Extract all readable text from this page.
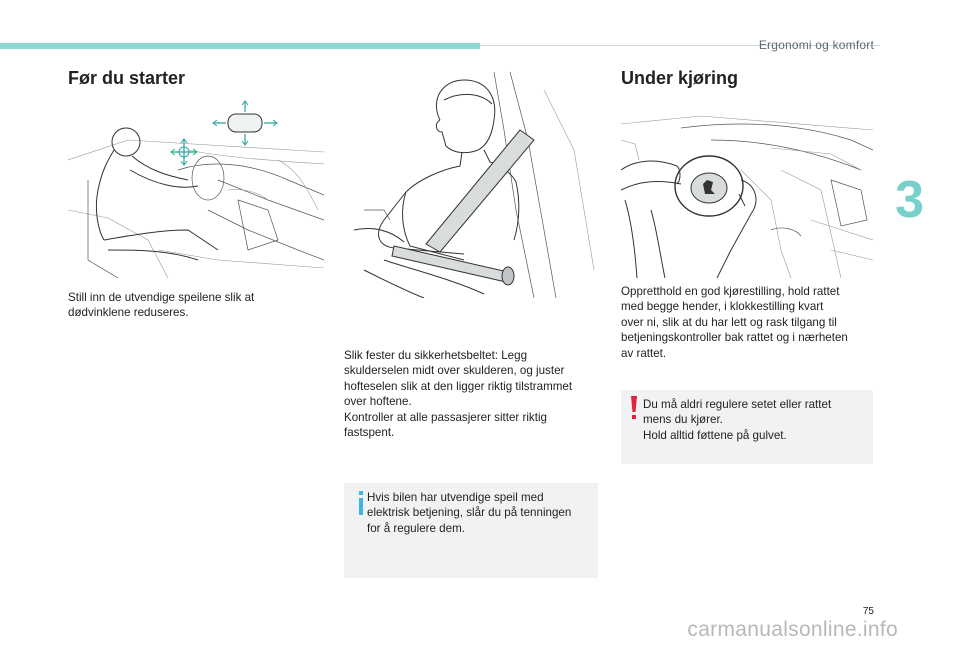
Ergonomi og komfort
3
Før du starter
Still inn de utvendige speilene slik at dødvinklene reduseres.
Slik fester du sikkerhetsbeltet: Legg
skulderselen midt over skulderen, og juster
hofteselen slik at den ligger riktig tilstrammet
over hoftene.
Kontroller at alle passasjerer sitter riktig
fastspent.
Hvis bilen har utvendige speil med
elektrisk betjening, slår du på tenningen
for å regulere dem.
Under kjøring
Oppretthold en god kjørestilling, hold rattet
med begge hender, i klokkestilling kvart
over ni, slik at du har lett og rask tilgang til
betjeningskontroller bak rattet og i nærheten
av rattet.
Du må aldri regulere setet eller rattet
mens du kjører.
Hold alltid føttene på gulvet.
75
carmanualsonline.info
